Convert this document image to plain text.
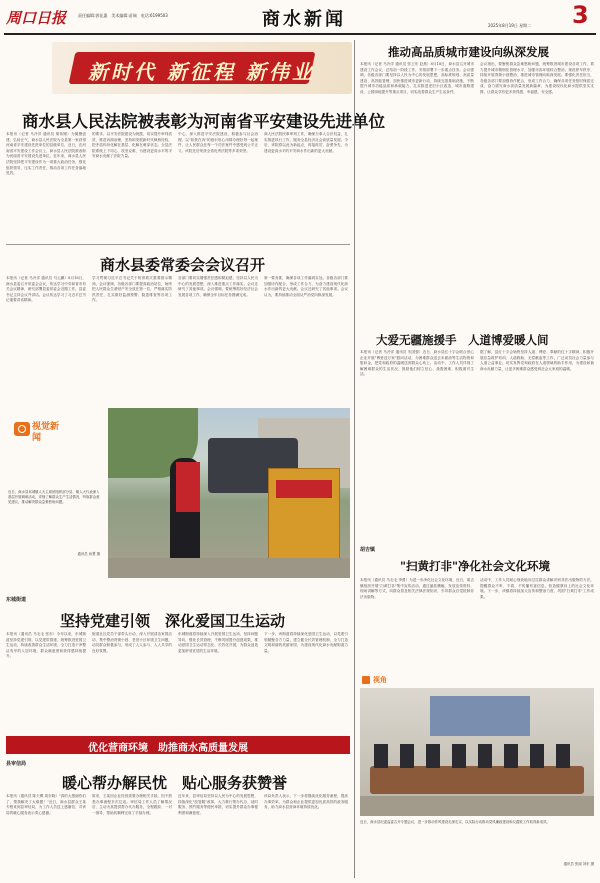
周口日报	责任编辑:郭佳惠　美术编辑:苗瑞　电话:6199503	商水新闻	2025年8月19日 星期二 3
新时代 新征程 新伟业
商水县人民法院被表彰为河南省平安建设先进单位
本报讯（记者 马冷洋 通讯员 胡伟刚）为凝聚创建、弘扬正气，商水县人民法院为全县第一家获得河南省平安建设先进单位的县级单位，近日，在河南省平安建设工作会议上，商水县人民法院被表彰为河南省平安建设先进单位。近年来，商水县人民法院坚持把平安建设作为一项重大政治任务，强化组织领导，压实工作责任，推动各项工作任务落地见效。
的要求，以平安法院建设为统揽，切实提升审判质效，推进诉源治理，坚持和发展新时代枫桥经验，把矛盾纠纷化解在基层、化解在萌芽状态。全县法院系统上下同心，攻坚克难，为建设更高水平的平安商水贡献了法院力量。
中心，深入推进平安法院建设，积极参与社会治理，以"如我在诉"的意识用心用情办理好每一起案件，让人民群众在每一个司法案件中感受到公平正义。该院先后荣获全省优秀法院等多项荣誉。
商人民法院民事审判工作，确保当事人合法权益，扎实推进执行工作，服务全县经济社会高质量发展。今后，该院将以此为新起点，再接再厉，奋勇争先，为建设更高水平的平安商水作出新的更大贡献。
商水县委常委会会议召开
本报讯（记者 马冷洋 通讯员 马云鹏）8月18日，商水县委召开常委会会议，传达学习中央和省市有关会议精神，研究部署县委常委会近期工作。县委书记主持会议并讲话。会议传达学习了习近平总书记重要讲话精神。
学习贯彻习近平总书记关于防汛救灾重要指示精神。会议强调，各级各部门要提高政治站位，始终把人民群众生命财产安全放在第一位，严格落实防汛责任，扎实做好监测预警、隐患排查等各项工作。
各部门要切实增强责任感和紧迫感，坚持以人民为中心的发展思想，深入推进重点工作落实。会议还研究了其他事项。会议强调，要统筹抓好经济社会发展各项工作，确保全年目标任务圆满完成。
第一要务抓，确保各项工作落到实处。各级各部门要加强协作配合，形成工作合力，为奋力建设现代化商水作出新的更大贡献。会议还研究了其他事项。会议认为，要持续推动全面从严治党向纵深发展。
视觉新闻
近日，商水县邓城镇人大主席团组织部分县、镇人大代表深入基层开展调研活动，详细了解群众生产生活情况，听取群众意见建议，推动解决群众急难愁盼问题。
通讯员 孙慧 摄
东城街道
坚持党建引领　深化爱国卫生运动
本报讯（通讯员 马毛毛 张东）今年以来，东城街道坚持党建引领，以党建带群建，统筹推进爱国卫生运动，持续改善群众生活环境，全力打造干净整洁有序的人居环境，群众满意度和获得感持续提升。
街道社区党员干部带头行动，深入开展清洁家园活动，集中整治背街小巷、老旧小区环境卫生问题，动员群众积极参与，形成了人人参与、人人共享的良好氛围。
东城街道将持续深入开展爱国卫生运动，坚持问题导向，强化长效管理，不断巩固提升创建成果，推动爱国卫生运动常态化、长效化开展，为群众创造更加舒适宜居的生活环境。
下一步，该街道将持续深化爱国卫生运动，以党建引领凝聚各方力量，建立健全长效管理机制，全力打造文明和谐的美丽家园，为建设现代化商水贡献街道力量。
优化营商环境　助推商水高质量发展
县审信局
暖心帮办解民忧　贴心服务获赞誉
本报讯（通讯员 陈天赐 周东晓）"真的太感谢你们了，帮我解决了大难题！"近日，商水县群众王某专程来到县审信局，为工作人员送上感谢信，对该局的暖心服务表示衷心感谢。
原来，王某因企业经营需要办理相关手续，因不熟悉办事流程多次往返。审信局工作人员了解情况后，主动为其提供帮办代办服务，全程跟踪、一对一指导，帮助其顺利完成了手续办理。
近年来，县审信局坚持以人民为中心的发展思想，持续深化"放管服"改革，大力推行帮办代办、延时服务、预约服务等便民举措，切实提升群众办事便利度和满意度。
该局负责人表示，下一步将继续优化服务流程，提高办事效率，为群众和企业提供更加优质高效的政务服务，助力商水县营商环境持续优化。
推动高品质城市建设向纵深发展
本报讯（记者 马冷洋 通讯员 张卫东 赵燕）8月18日，商水县召开城市建设工作会议，总结前一阶段工作，安排部署下一步重点任务。会议强调，各级各部门要坚持以人民为中心的发展思想，高标准规划、高质量建设、高效能管理，加快推进城市更新行动，持续完善基础设施，不断提升城市功能品质和承载能力，扎实推进老旧小区改造、城市道路建设、公园绿地提升等重点项目，切实改善群众生产生活条件。
会议指出，要聚焦群众急难愁盼问题，统筹推进城市建设各项工作，着力提升城市精细化管理水平，加强市容环境综合整治，规范停车秩序，持续开展背街小巷整治，推进城市管理向纵深发展。要强化责任担当，各级各部门要加强协作配合，形成工作合力，确保各项任务按时保质完成，奋力谱写商水高质量发展新篇章，为建设现代化商水提供坚实支撑，让群众享有更多获得感、幸福感、安全感。
大爱无疆施援手　人道博爱暖人间
本报讯（记者 马冷洋 通讯员 朱国强）近日，商水县红十字会联合爱心企业开展"博爱送万家"慰问活动，为困难群众送去米面油等生活物资和慰问金，把党和政府的温暖送到群众心坎上。活动中，工作人员详细了解困难群众的生活状况，鼓励他们树立信心、战胜困难，积极面对生活。
据了解，县红十字会始终坚持人道、博爱、奉献的红十字精神，积极开展应急救护培训、人道救助、无偿献血等工作，广泛动员社会力量参与人道公益事业，切实发挥党和政府在人道领域的助手作用，为建设和谐商水贡献力量，让更多困难群众感受到社会大家庭的温暖。
胡吉镇
"扫黄打非"净化社会文化环境
本报讯（通讯员 马毛毛 李勇）为进一步净化社会文化环境，近日，胡吉镇组织开展"扫黄打非"集中宣传活动，通过悬挂横幅、发放宣传资料、现场讲解等方式，向群众普及相关法律法规知识，引导群众自觉抵制非法出版物。
活动中，工作人员耐心细致地向过往群众讲解识别非法出版物的方法，提醒群众不听、不看、不传播有害信息，营造健康向上的社会文化环境。下一步，该镇将持续加大宣传和整治力度，巩固"扫黄打非"工作成果。
视角
近日，商水县纪委监委召开专题会议，进一步推动作风建设走深走实，以实际行动推动党风廉政建设和反腐败工作取得新成效。
通讯员 张丽 刘东 摄
